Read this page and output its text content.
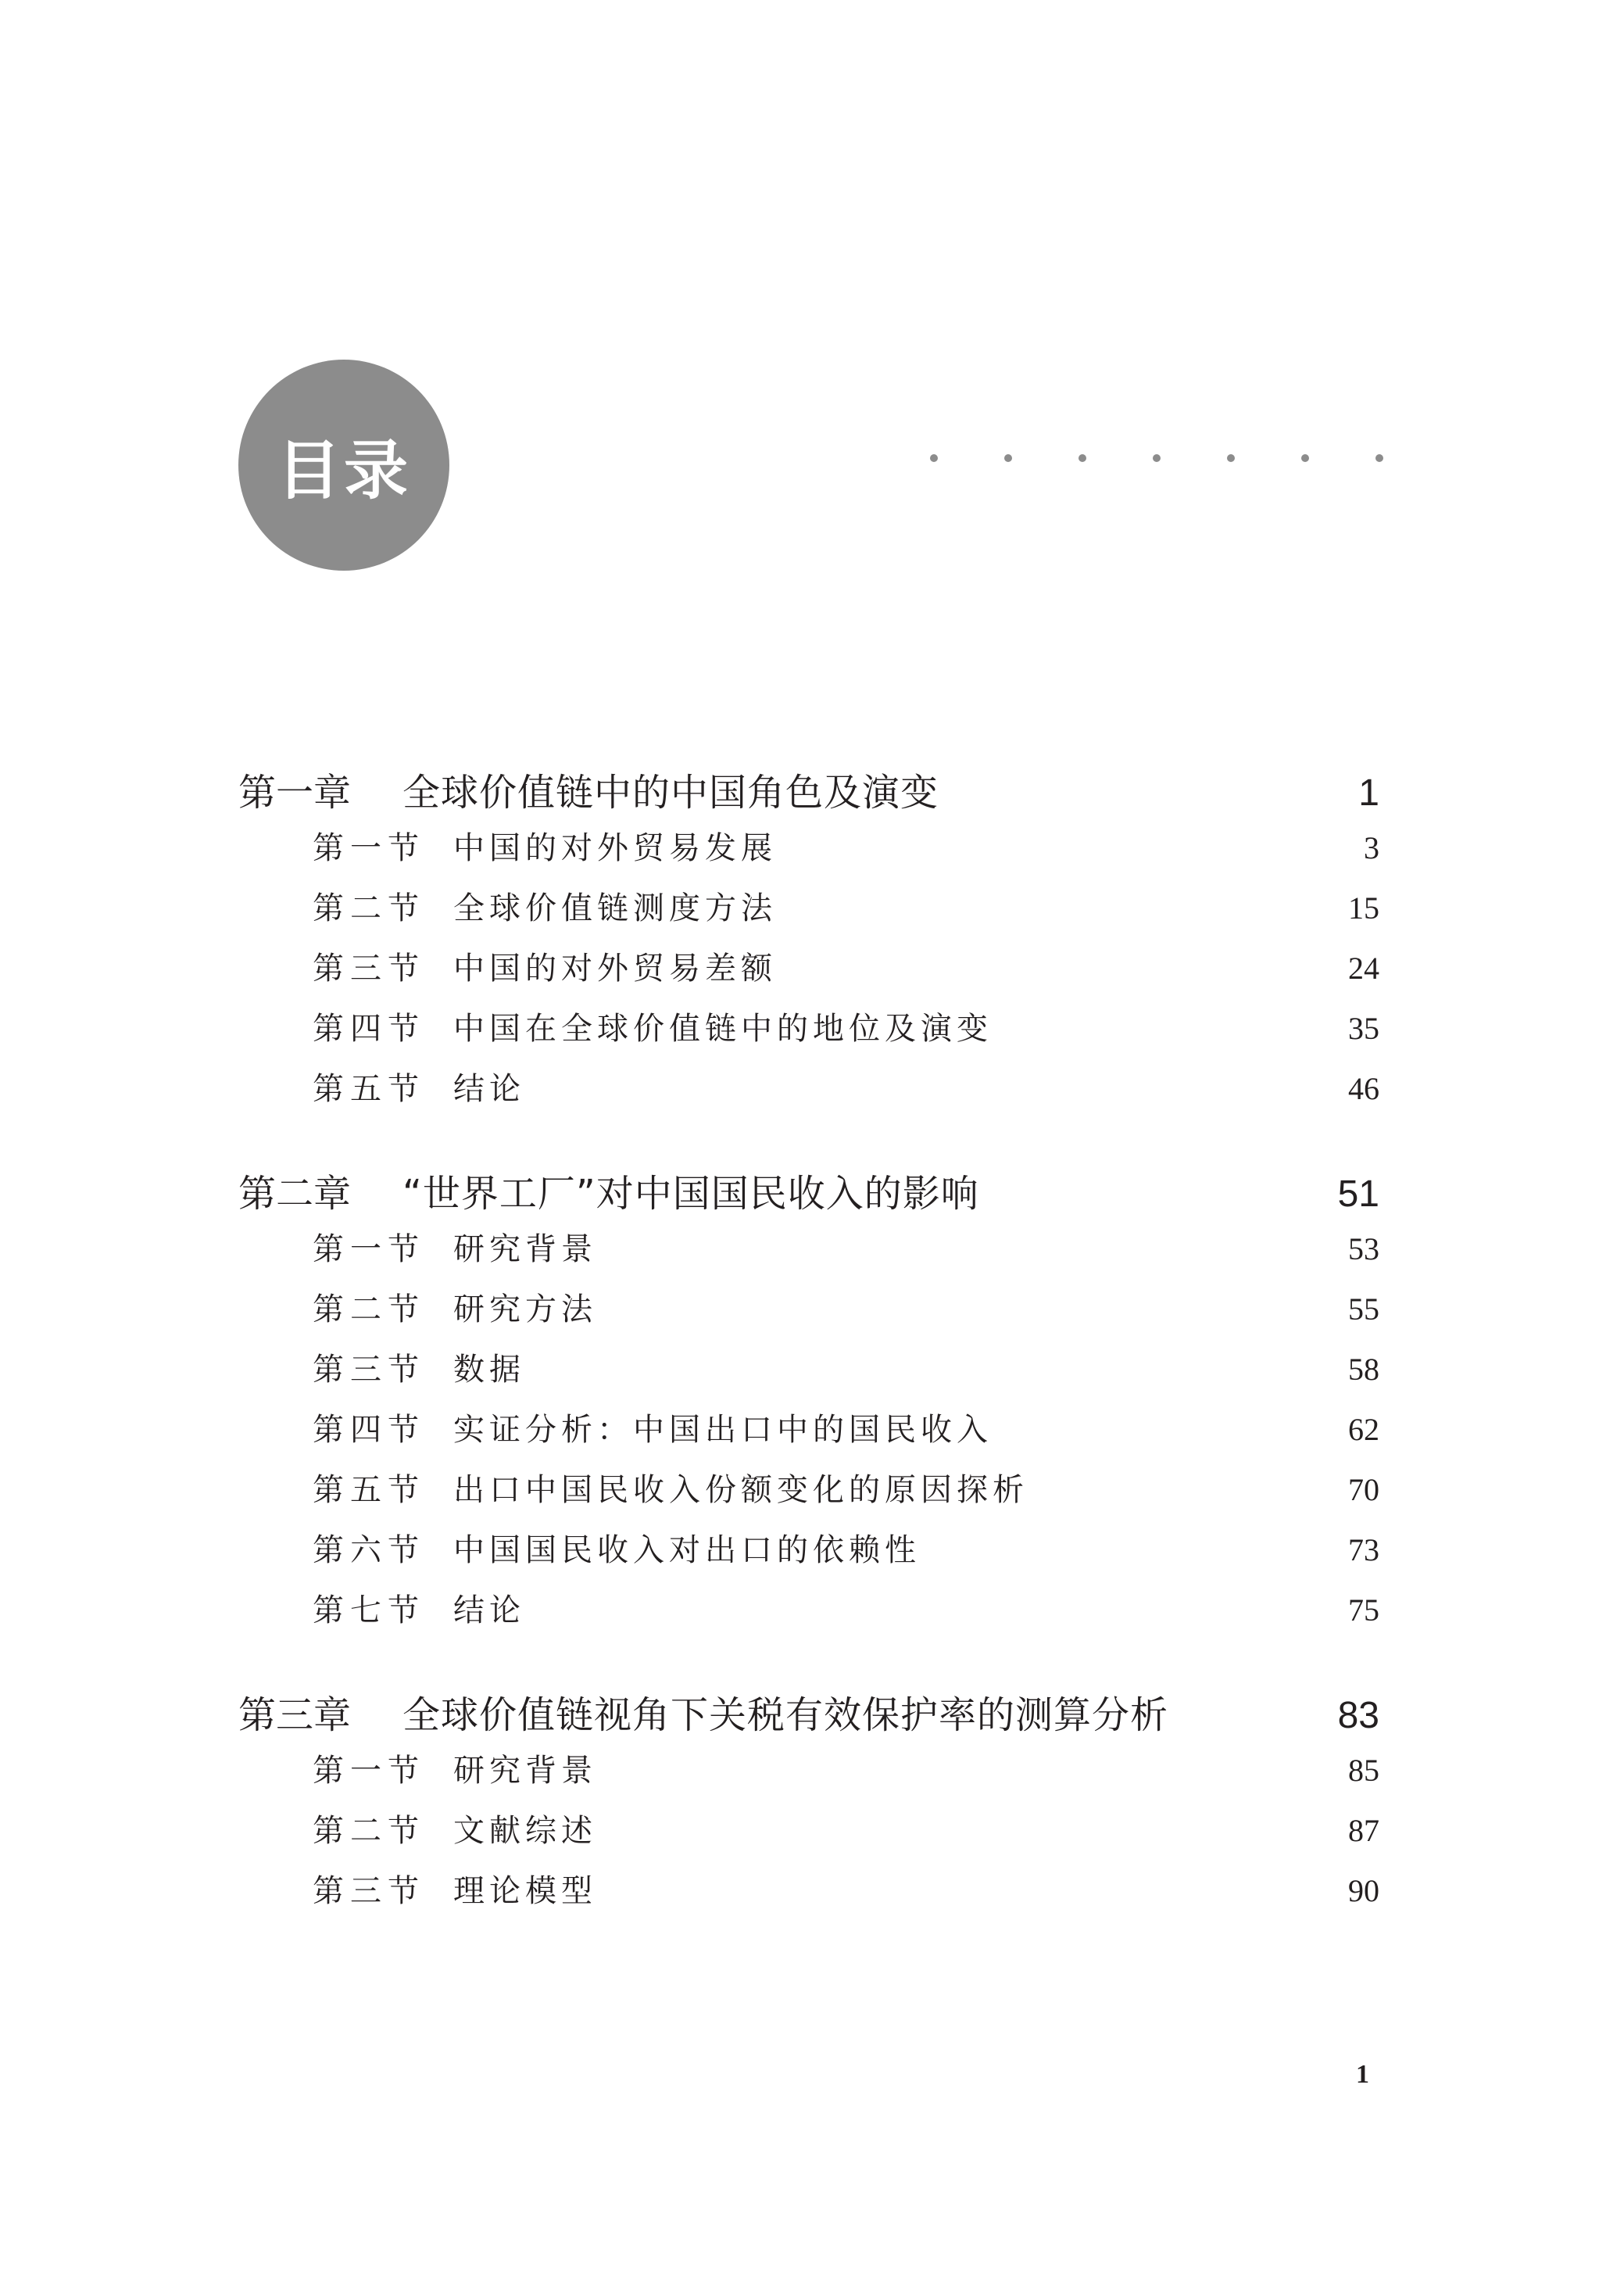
目录
第一章 全球价值链中的中国角色及演变	1
第一节 中国的对外贸易发展	3
第二节 全球价值链测度方法	15
第三节 中国的对外贸易差额	24
第四节 中国在全球价值链中的地位及演变	35
第五节 结论	46
第二章 “世界工厂”对中国国民收入的影响	51
第一节 研究背景	53
第二节 研究方法	55
第三节 数据	58
第四节 实证分析：中国出口中的国民收入	62
第五节 出口中国民收入份额变化的原因探析	70
第六节 中国国民收入对出口的依赖性	73
第七节 结论	75
第三章 全球价值链视角下关税有效保护率的测算分析	83
第一节 研究背景	85
第二节 文献综述	87
第三节 理论模型	90
1
